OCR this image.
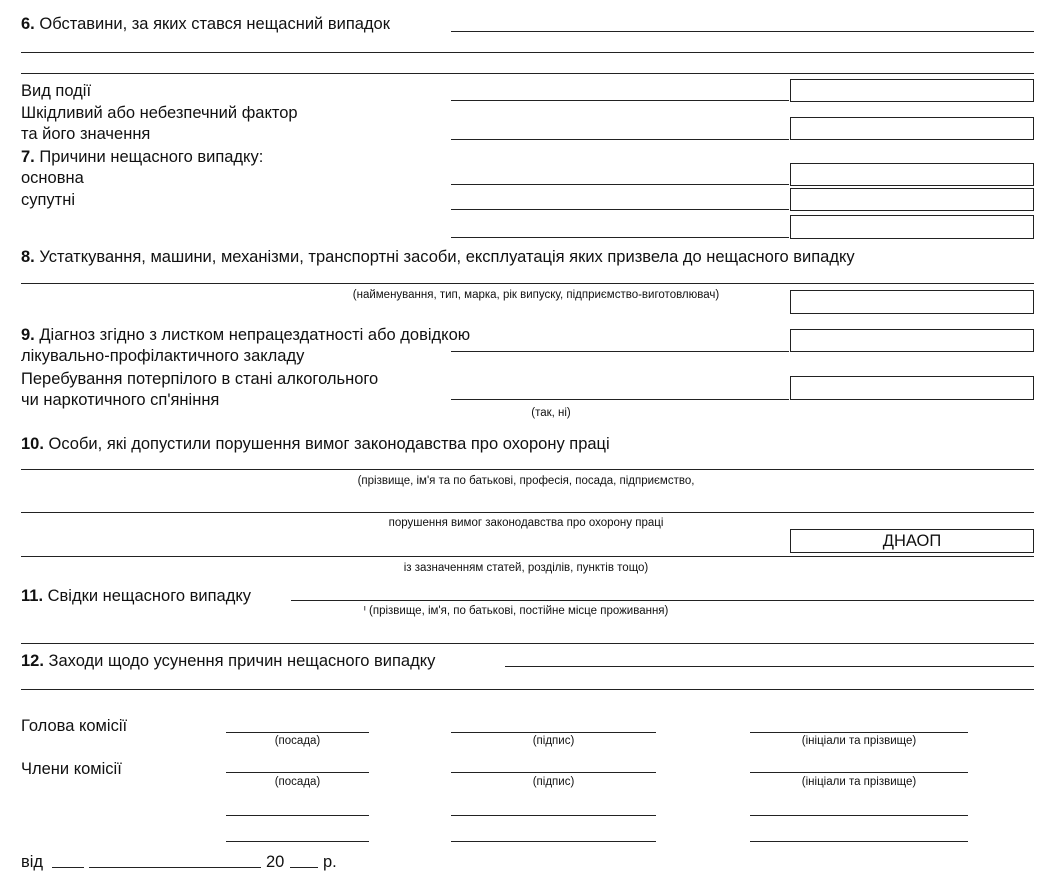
6. Обставини, за яких стався нещасний випадок
Вид події
Шкідливий або небезпечний фактор
та його значення
7. Причини нещасного випадку:
основна
супутні
8. Устаткування, машини, механізми, транспортні засоби, експлуатація яких призвела до нещасного випадку
(найменування, тип, марка, рік випуску, підприємство-виготовлювач)
9. Діагноз згідно з листком непрацездатності або довідкою
лікувально-профілактичного закладу
Перебування потерпілого в стані алкогольного
чи наркотичного сп'яніння
(так, ні)
10. Особи, які допустили порушення вимог законодавства про охорону праці
(прізвище, ім'я та по батькові, професія, посада, підприємство,
порушення вимог законодавства про охорону праці
ДНАОП
із зазначенням статей, розділів, пунктів тощо)
11. Свідки нещасного випадку
ᑊ (прізвище, ім'я, по батькові, постійне місце проживання)
12. Заходи щодо усунення причин нещасного випадку
Голова комісії
(посада)	(підпис)	(ініціали та прізвище)
Члени комісії
(посада)	(підпис)	(ініціали та прізвище)
від	20 р.
